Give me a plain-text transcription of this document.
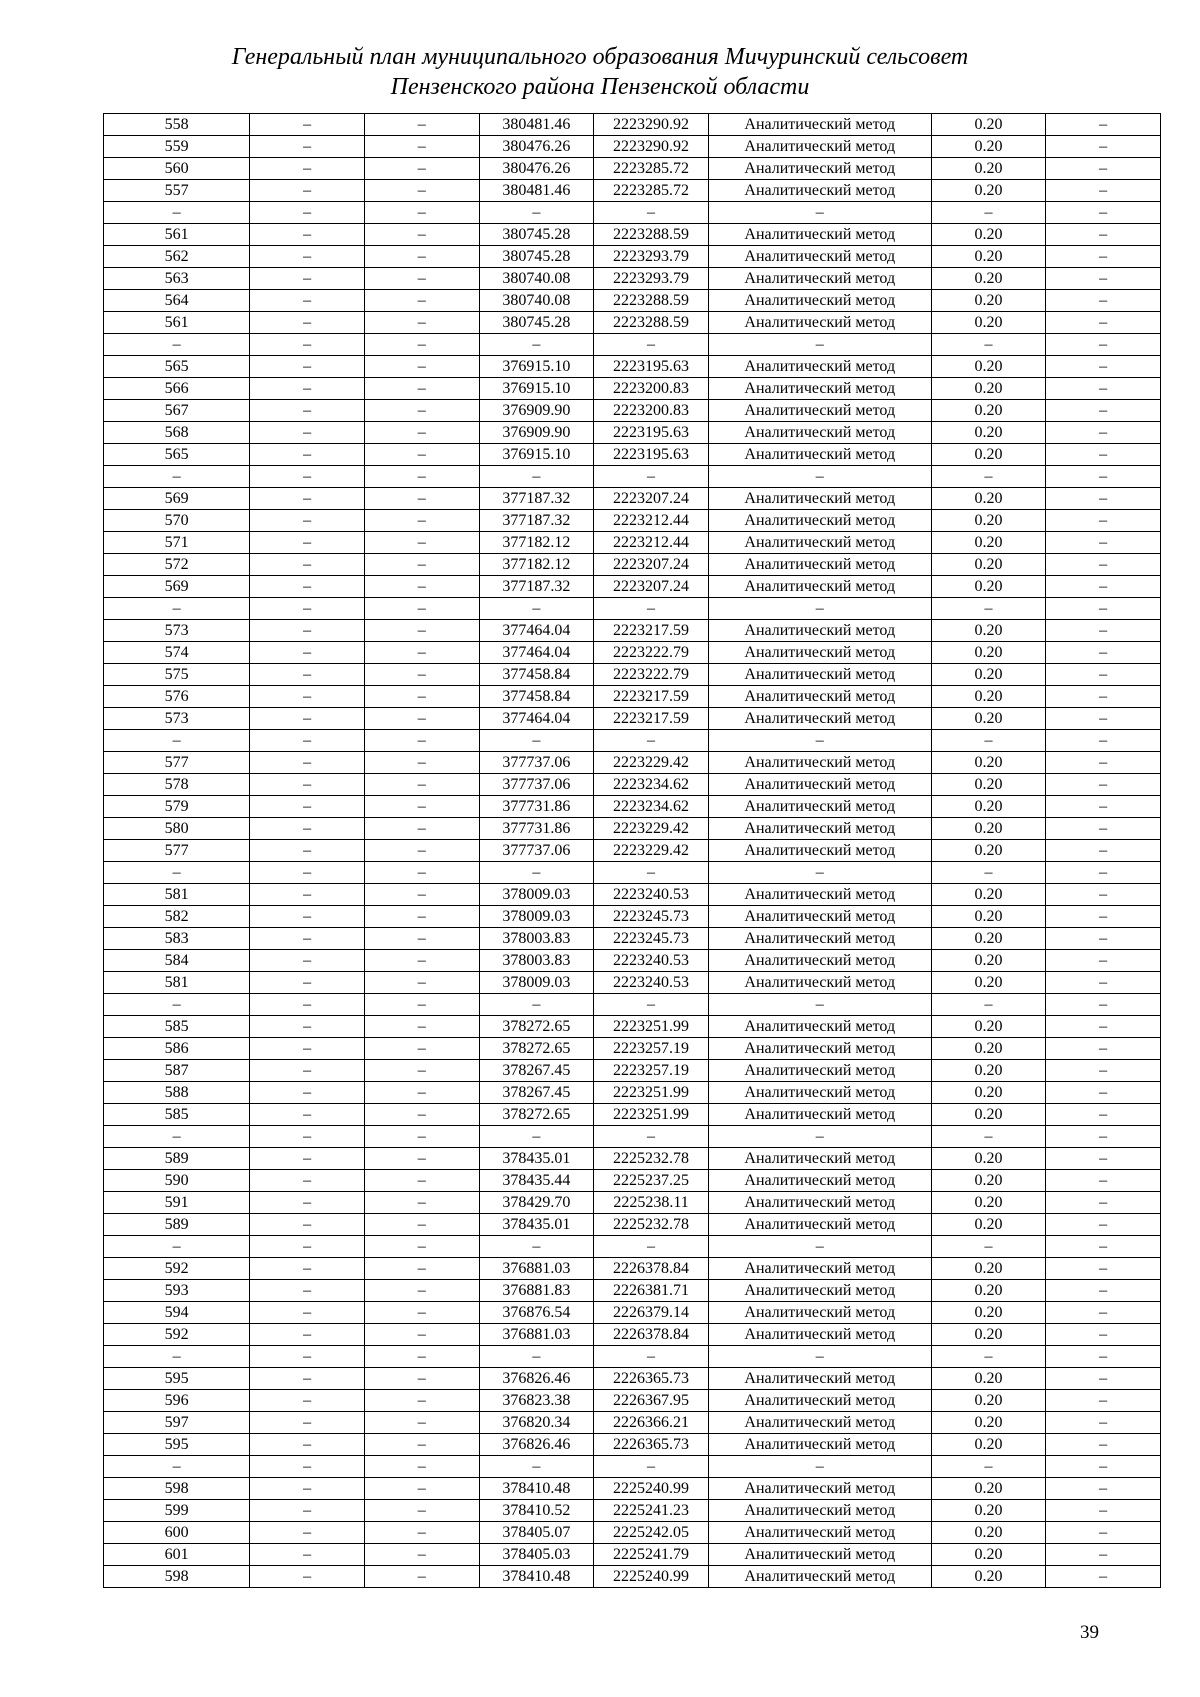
Генеральный план муниципального образования Мичуринский сельсовет
Пензенского района Пензенской области
558	–	–	380481.46	2223290.92	Аналитический метод	0.20	–
559	–	–	380476.26	2223290.92	Аналитический метод	0.20	–
560	–	–	380476.26	2223285.72	Аналитический метод	0.20	–
557	–	–	380481.46	2223285.72	Аналитический метод	0.20	–
–	–	–	–	–	–	–	–
561	–	–	380745.28	2223288.59	Аналитический метод	0.20	–
562	–	–	380745.28	2223293.79	Аналитический метод	0.20	–
563	–	–	380740.08	2223293.79	Аналитический метод	0.20	–
564	–	–	380740.08	2223288.59	Аналитический метод	0.20	–
561	–	–	380745.28	2223288.59	Аналитический метод	0.20	–
–	–	–	–	–	–	–	–
565	–	–	376915.10	2223195.63	Аналитический метод	0.20	–
566	–	–	376915.10	2223200.83	Аналитический метод	0.20	–
567	–	–	376909.90	2223200.83	Аналитический метод	0.20	–
568	–	–	376909.90	2223195.63	Аналитический метод	0.20	–
565	–	–	376915.10	2223195.63	Аналитический метод	0.20	–
–	–	–	–	–	–	–	–
569	–	–	377187.32	2223207.24	Аналитический метод	0.20	–
570	–	–	377187.32	2223212.44	Аналитический метод	0.20	–
571	–	–	377182.12	2223212.44	Аналитический метод	0.20	–
572	–	–	377182.12	2223207.24	Аналитический метод	0.20	–
569	–	–	377187.32	2223207.24	Аналитический метод	0.20	–
–	–	–	–	–	–	–	–
573	–	–	377464.04	2223217.59	Аналитический метод	0.20	–
574	–	–	377464.04	2223222.79	Аналитический метод	0.20	–
575	–	–	377458.84	2223222.79	Аналитический метод	0.20	–
576	–	–	377458.84	2223217.59	Аналитический метод	0.20	–
573	–	–	377464.04	2223217.59	Аналитический метод	0.20	–
–	–	–	–	–	–	–	–
577	–	–	377737.06	2223229.42	Аналитический метод	0.20	–
578	–	–	377737.06	2223234.62	Аналитический метод	0.20	–
579	–	–	377731.86	2223234.62	Аналитический метод	0.20	–
580	–	–	377731.86	2223229.42	Аналитический метод	0.20	–
577	–	–	377737.06	2223229.42	Аналитический метод	0.20	–
–	–	–	–	–	–	–	–
581	–	–	378009.03	2223240.53	Аналитический метод	0.20	–
582	–	–	378009.03	2223245.73	Аналитический метод	0.20	–
583	–	–	378003.83	2223245.73	Аналитический метод	0.20	–
584	–	–	378003.83	2223240.53	Аналитический метод	0.20	–
581	–	–	378009.03	2223240.53	Аналитический метод	0.20	–
–	–	–	–	–	–	–	–
585	–	–	378272.65	2223251.99	Аналитический метод	0.20	–
586	–	–	378272.65	2223257.19	Аналитический метод	0.20	–
587	–	–	378267.45	2223257.19	Аналитический метод	0.20	–
588	–	–	378267.45	2223251.99	Аналитический метод	0.20	–
585	–	–	378272.65	2223251.99	Аналитический метод	0.20	–
–	–	–	–	–	–	–	–
589	–	–	378435.01	2225232.78	Аналитический метод	0.20	–
590	–	–	378435.44	2225237.25	Аналитический метод	0.20	–
591	–	–	378429.70	2225238.11	Аналитический метод	0.20	–
589	–	–	378435.01	2225232.78	Аналитический метод	0.20	–
–	–	–	–	–	–	–	–
592	–	–	376881.03	2226378.84	Аналитический метод	0.20	–
593	–	–	376881.83	2226381.71	Аналитический метод	0.20	–
594	–	–	376876.54	2226379.14	Аналитический метод	0.20	–
592	–	–	376881.03	2226378.84	Аналитический метод	0.20	–
–	–	–	–	–	–	–	–
595	–	–	376826.46	2226365.73	Аналитический метод	0.20	–
596	–	–	376823.38	2226367.95	Аналитический метод	0.20	–
597	–	–	376820.34	2226366.21	Аналитический метод	0.20	–
595	–	–	376826.46	2226365.73	Аналитический метод	0.20	–
–	–	–	–	–	–	–	–
598	–	–	378410.48	2225240.99	Аналитический метод	0.20	–
599	–	–	378410.52	2225241.23	Аналитический метод	0.20	–
600	–	–	378405.07	2225242.05	Аналитический метод	0.20	–
601	–	–	378405.03	2225241.79	Аналитический метод	0.20	–
598	–	–	378410.48	2225240.99	Аналитический метод	0.20	–
39
